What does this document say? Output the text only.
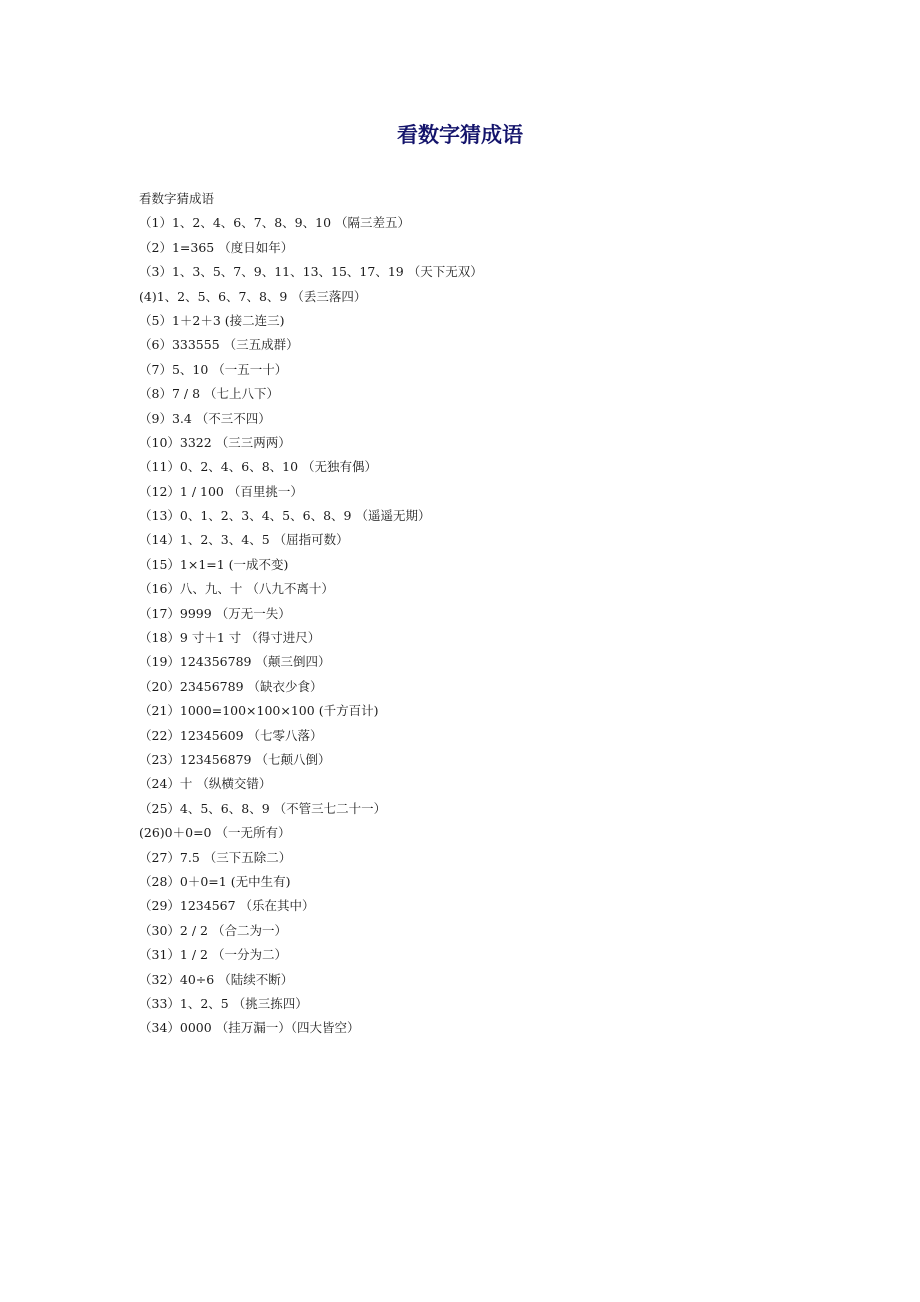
看数字猜成语
看数字猜成语
（1）1、2、4、6、7、8、9、10 （隔三差五）
（2）1=365 （度日如年）
（3）1、3、5、7、9、11、13、15、17、19 （天下无双）
(4)1、2、5、6、7、8、9 （丢三落四）
（5）1＋2＋3 (接二连三)
（6）333555 （三五成群）
（7）5、10 （一五一十）
（8）7 / 8 （七上八下）
（9）3.4 （不三不四）
（10）3322 （三三两两）
（11）0、2、4、6、8、10 （无独有偶）
（12）1 / 100 （百里挑一）
（13）0、1、2、3、4、5、6、8、9 （遥遥无期）
（14）1、2、3、4、5 （屈指可数）
（15）1×1=1 (一成不变)
（16）八、九、十 （八九不离十）
（17）9999 （万无一失）
（18）9 寸＋1 寸 （得寸进尺）
（19）124356789 （颠三倒四）
（20）23456789 （缺衣少食）
（21）1000=100×100×100 (千方百计)
（22）12345609 （七零八落）
（23）123456879 （七颠八倒）
（24）十 （纵横交错）
（25）4、5、6、8、9 （不管三七二十一）
(26)0＋0=0 （一无所有）
（27）7.5 （三下五除二）
（28）0＋0=1 (无中生有)
（29）1234567 （乐在其中）
（30）2 / 2 （合二为一）
（31）1 / 2 （一分为二）
（32）40÷6 （陆续不断）
（33）1、2、5 （挑三拣四）
（34）0000 （挂万漏一）（四大皆空）
